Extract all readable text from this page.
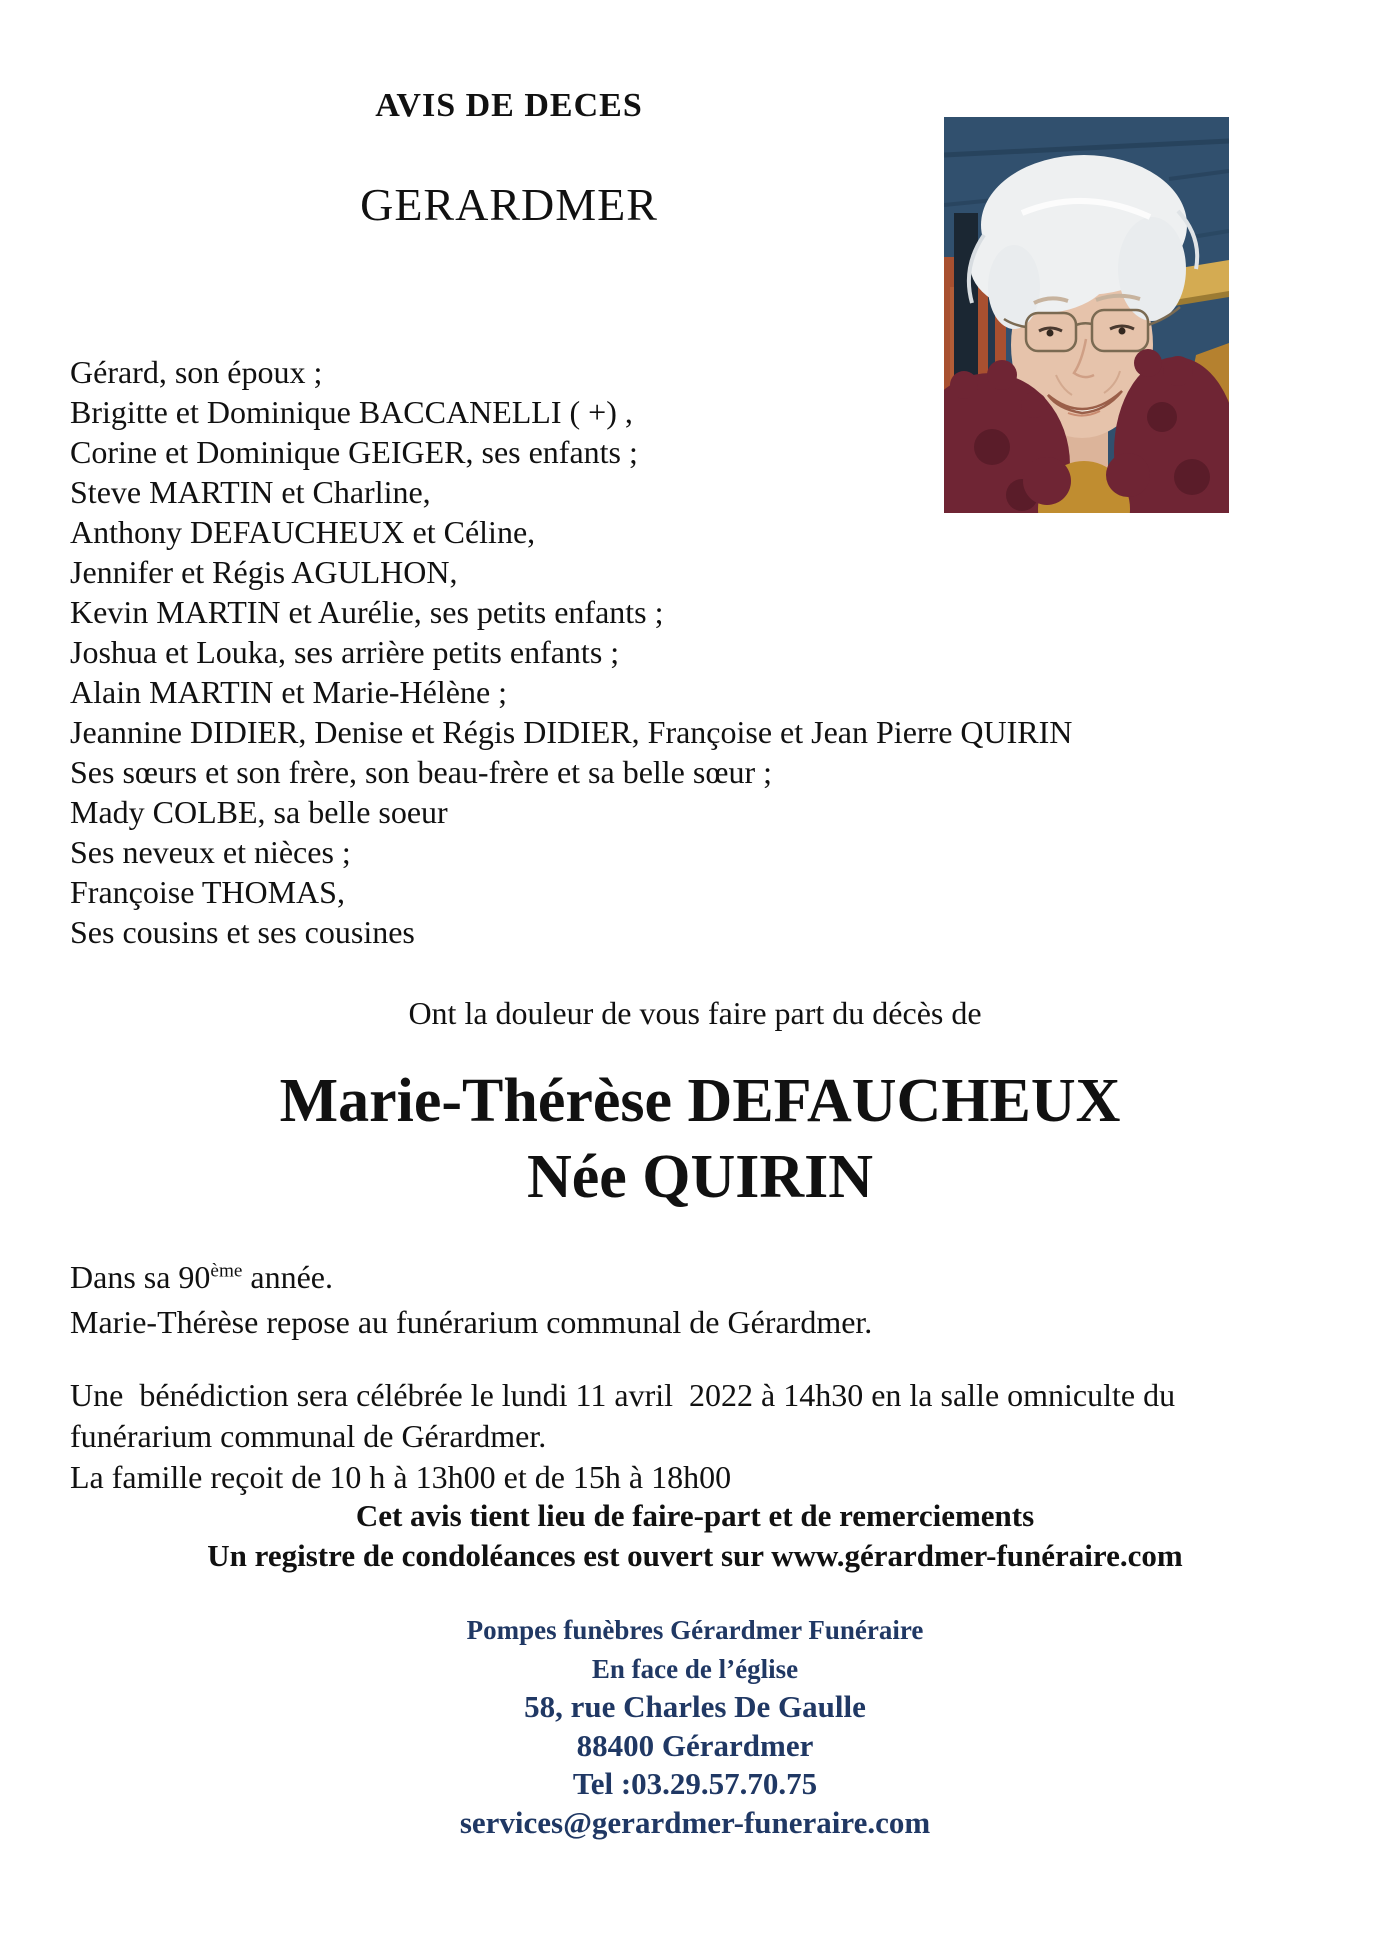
AVIS DE DECES
GERARDMER
Gérard, son époux ;
Brigitte et Dominique BACCANELLI ( +) ,
Corine et Dominique GEIGER, ses enfants ;
Steve MARTIN et Charline,
Anthony DEFAUCHEUX et Céline,
Jennifer et Régis AGULHON,
Kevin MARTIN et Aurélie, ses petits enfants ;
Joshua et Louka, ses arrière petits enfants ;
Alain MARTIN et Marie-Hélène ;
Jeannine DIDIER, Denise et Régis DIDIER, Françoise et Jean Pierre QUIRIN
Ses sœurs et son frère, son beau-frère et sa belle sœur ;
Mady COLBE, sa belle soeur
Ses neveux et nièces ;
Françoise THOMAS,
Ses cousins et ses cousines
Ont la douleur de vous faire part du décès de
Marie-Thérèse DEFAUCHEUX
Née QUIRIN
Dans sa 90ème année.
Marie-Thérèse repose au funérarium communal de Gérardmer.
Une  bénédiction sera célébrée le lundi 11 avril  2022 à 14h30 en la salle omniculte du
funérarium communal de Gérardmer.
La famille reçoit de 10 h à 13h00 et de 15h à 18h00
Cet avis tient lieu de faire-part et de remerciements
Un registre de condoléances est ouvert sur www.gérardmer-funéraire.com
Pompes funèbres Gérardmer Funéraire
En face de l’église
58, rue Charles De Gaulle
88400 Gérardmer
Tel :03.29.57.70.75
services@gerardmer-funeraire.com
